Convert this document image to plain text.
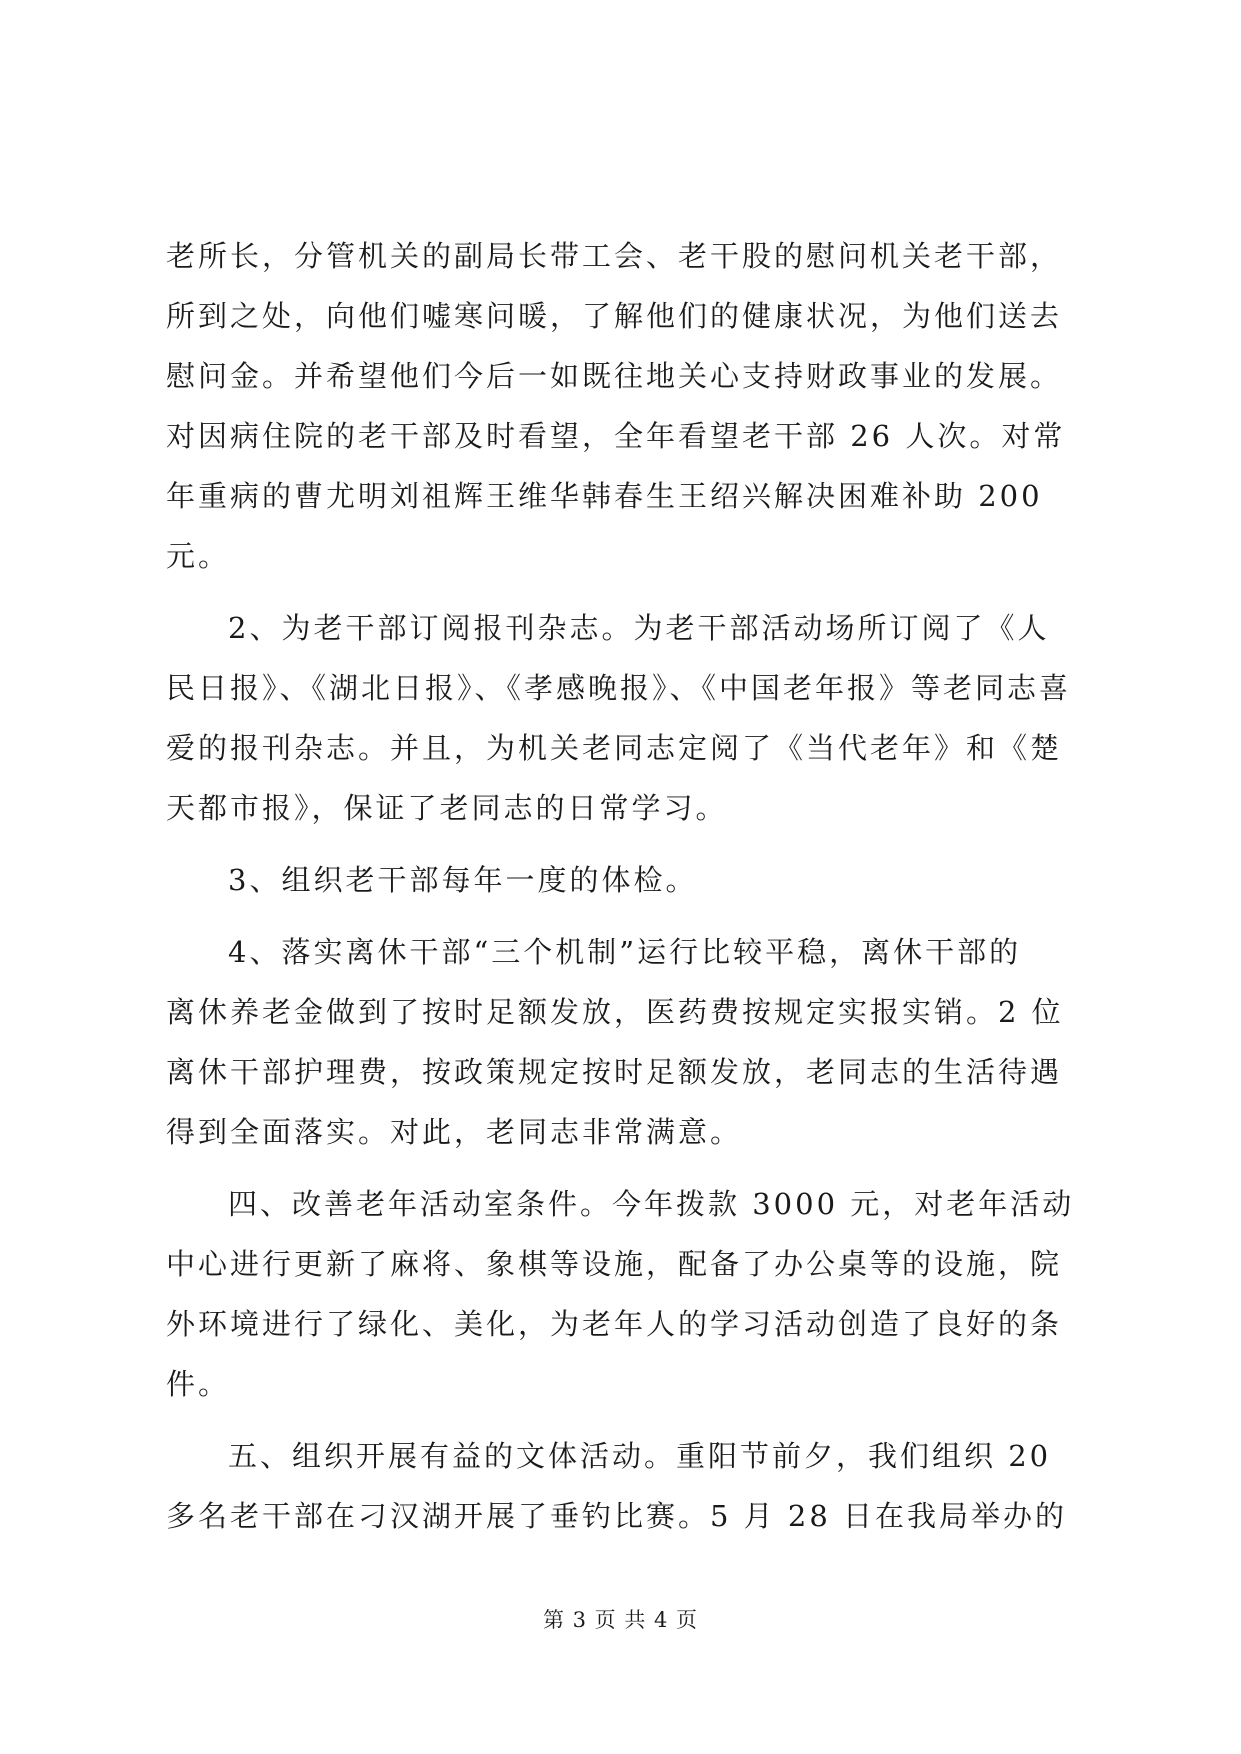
老所长，分管机关的副局长带工会、老干股的慰问机关老干部，
所到之处，向他们嘘寒问暖，了解他们的健康状况，为他们送去
慰问金。并希望他们今后一如既往地关心支持财政事业的发展。
对因病住院的老干部及时看望，全年看望老干部 26 人次。对常
年重病的曹尤明刘祖辉王维华韩春生王绍兴解决困难补助 200
元。
2、为老干部订阅报刊杂志。为老干部活动场所订阅了《人
民日报》、《湖北日报》、《孝感晚报》、《中国老年报》等老同志喜
爱的报刊杂志。并且，为机关老同志定阅了《当代老年》和《楚
天都市报》，保证了老同志的日常学习。
3、组织老干部每年一度的体检。
4、落实离休干部“三个机制”运行比较平稳，离休干部的
离休养老金做到了按时足额发放，医药费按规定实报实销。2 位
离休干部护理费，按政策规定按时足额发放，老同志的生活待遇
得到全面落实。对此，老同志非常满意。
四、改善老年活动室条件。今年拨款 3000 元，对老年活动
中心进行更新了麻将、象棋等设施，配备了办公桌等的设施，院
外环境进行了绿化、美化，为老年人的学习活动创造了良好的条
件。
五、组织开展有益的文体活动。重阳节前夕，我们组织 20
多名老干部在刁汉湖开展了垂钓比赛。5 月 28 日在我局举办的
第 3 页 共 4 页
